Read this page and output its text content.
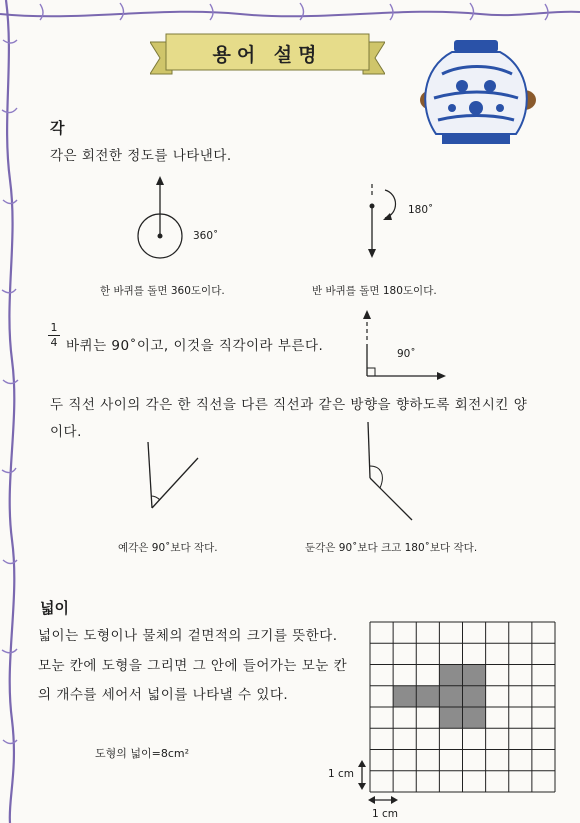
용어 설명
각
각은 회전한 정도를 나타낸다.
360˚
한 바퀴를 돌면 360도이다.
180˚
반 바퀴를 돌면 180도이다.
1
4 바퀴는 90˚이고, 이것을 직각이라 부른다.	90˚
두 직선 사이의 각은 한 직선을 다른 직선과 같은 방향을 향하도록 회전시킨 양
이다.
예각은 90˚보다 작다.	둔각은 90˚보다 크고 180˚보다 작다.
넓이
넓이는 도형이나 물체의 겉면적의 크기를 뜻한다.
모눈 칸에 도형을 그리면 그 안에 들어가는 모눈 칸
의 개수를 세어서 넓이를 나타낼 수 있다.
도형의 넓이=8cm²
1 cm
1 cm
